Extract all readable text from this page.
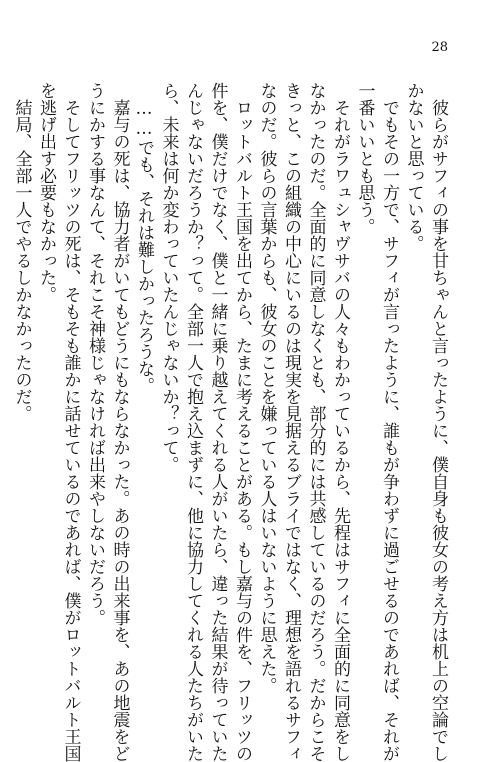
28

　彼らがサフィの事を甘ちゃんと言ったように、僕自身も彼女の考え方は机上の空論でし

かないと思っている。

　でもその一方で、サフィが言ったように、誰もが争わずに過ごせるのであれば、それが

一番いいとも思う。

　それがラワュシャヴサバの人々もわかっているから、先程はサフィに全面的に同意をし

なかったのだ。全面的に同意しなくとも、部分的には共感しているのだろう。だからこそ

きっと、この組織の中心にいるのは現実を見据えるブライではなく、理想を語れるサフィ

なのだ。彼らの言葉からも、彼女のことを嫌っている人はいないように思えた。

　ロットバルト王国を出てから、たまに考えることがある。もし嘉与の件を、フリッツの

件を、僕だけでなく、僕と一緒に乗り越えてくれる人がいたら、違った結果が待っていた

んじゃないだろうか？って。全部一人で抱え込まずに、他に協力してくれる人たちがいた

ら、未来は何か変わっていたんじゃないか？って。

　……でも、それは難しかったろうな。

　嘉与の死は、協力者がいてもどうにもならなかった。あの時の出来事を、あの地震をど

うにかする事なんて、それこそ神様じゃなければ出来やしないだろう。

　そしてフリッツの死は、そもそも誰かに話せているのであれば、僕がロットバルト王国

を逃げ出す必要もなかった。

　結局、全部一人でやるしかなかったのだ。
